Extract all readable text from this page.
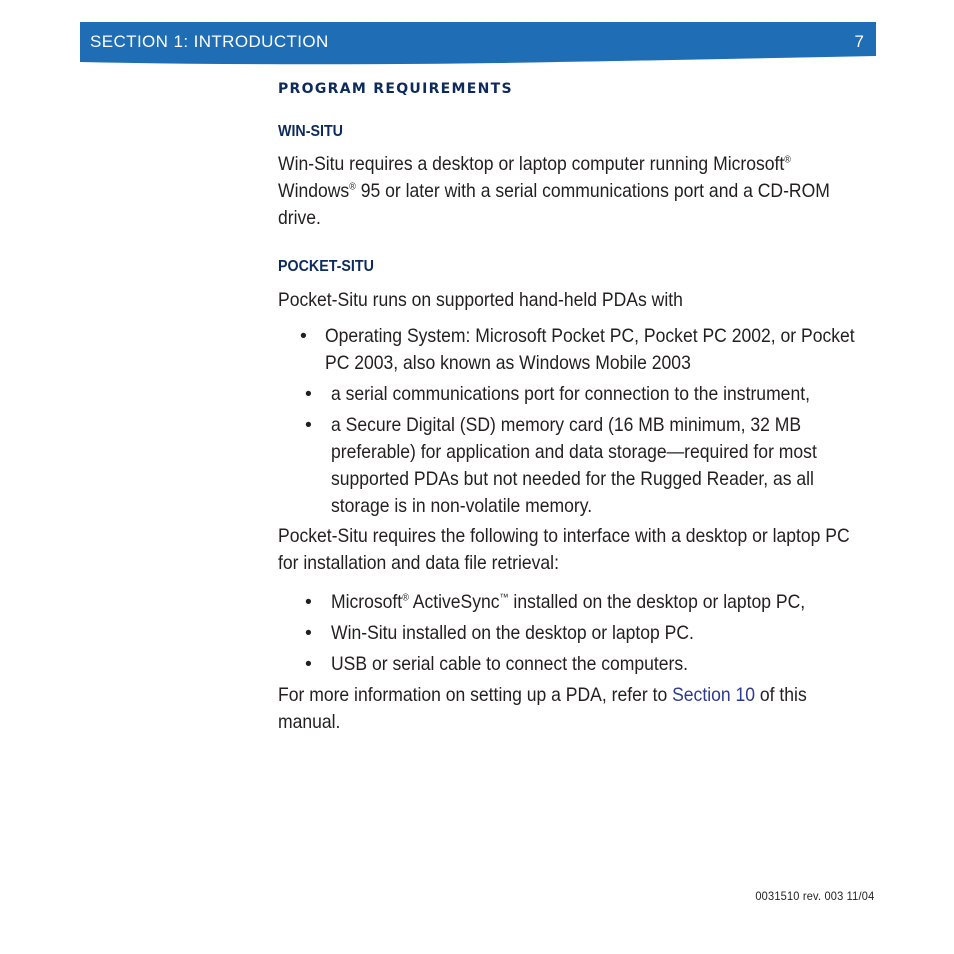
SECTION 1: INTRODUCTION	7
PROGRAM REQUIREMENTS
WIN-SITU

Win-Situ requires a desktop or laptop computer running Microsoft®

Windows® 95 or later with a serial communications port and a CD-ROM

drive.

POCKET-SITU

Pocket-Situ runs on supported hand-held PDAs with

• Operating System: Microsoft Pocket PC, Pocket PC 2002, or Pocket
PC 2003, also known as Windows Mobile 2003
• a serial communications port for connection to the instrument,
• a Secure Digital (SD) memory card (16 MB minimum, 32 MB
preferable) for application and data storage—required for most
supported PDAs but not needed for the Rugged Reader, as all
storage is in non-volatile memory.

Pocket-Situ requires the following to interface with a desktop or laptop PC

for installation and data file retrieval:

• Microsoft® ActiveSync™ installed on the desktop or laptop PC,
• Win-Situ installed on the desktop or laptop PC.
• USB or serial cable to connect the computers.

For more information on setting up a PDA, refer to Section 10 of this

manual.

0031510 rev. 003 11/04
